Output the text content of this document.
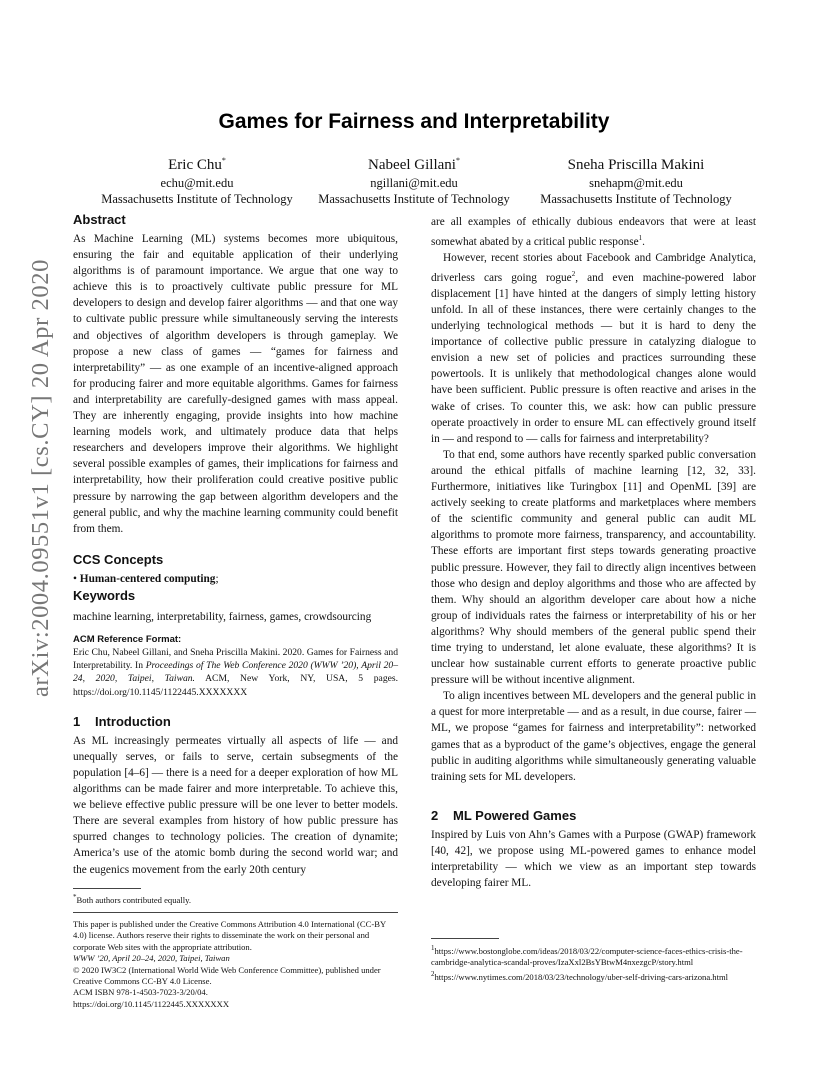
arXiv:2004.09551v1 [cs.CY] 20 Apr 2020
Games for Fairness and Interpretability
Eric Chu*
echu@mit.edu
Massachusetts Institute of Technology
Nabeel Gillani*
ngillani@mit.edu
Massachusetts Institute of Technology
Sneha Priscilla Makini
snehapm@mit.edu
Massachusetts Institute of Technology
Abstract

As Machine Learning (ML) systems becomes more ubiquitous, ensuring the fair and equitable application of their underlying algorithms is of paramount importance. We argue that one way to achieve this is to proactively cultivate public pressure for ML developers to design and develop fairer algorithms — and that one way to cultivate public pressure while simultaneously serving the interests and objectives of algorithm developers is through gameplay. We propose a new class of games — “games for fairness and interpretability” — as one example of an incentive-aligned approach for producing fairer and more equitable algorithms. Games for fairness and interpretability are carefully-designed games with mass appeal. They are inherently engaging, provide insights into how machine learning models work, and ultimately produce data that helps researchers and developers improve their algorithms. We highlight several possible examples of games, their implications for fairness and interpretability, how their proliferation could creative positive public pressure by narrowing the gap between algorithm developers and the general public, and why the machine learning community could benefit from them.

CCS Concepts

• Human-centered computing;

Keywords

machine learning, interpretability, fairness, games, crowdsourcing

ACM Reference Format:

Eric Chu, Nabeel Gillani, and Sneha Priscilla Makini. 2020. Games for Fairness and Interpretability. In Proceedings of The Web Conference 2020 (WWW ’20), April 20–24, 2020, Taipei, Taiwan. ACM, New York, NY, USA, 5 pages. https://doi.org/10.1145/1122445.XXXXXXX

1 Introduction

As ML increasingly permeates virtually all aspects of life — and unequally serves, or fails to serve, certain subsegments of the population [4–6] — there is a need for a deeper exploration of how ML algorithms can be made fairer and more interpretable. To achieve this, we believe effective public pressure will be one lever to better models. There are several examples from history of how public pressure has spurred changes to technology policies. The creation of dynamite; America’s use of the atomic bomb during the second world war; and the eugenics movement from the early 20th century

*Both authors contributed equally.

This paper is published under the Creative Commons Attribution 4.0 International (CC-BY 4.0) license. Authors reserve their rights to disseminate the work on their personal and corporate Web sites with the appropriate attribution.
WWW ’20, April 20–24, 2020, Taipei, Taiwan
© 2020 IW3C2 (International World Wide Web Conference Committee), published under Creative Commons CC-BY 4.0 License.
ACM ISBN 978-1-4503-7023-3/20/04.
https://doi.org/10.1145/1122445.XXXXXXX

are all examples of ethically dubious endeavors that were at least somewhat abated by a critical public response$^1$.

However, recent stories about Facebook and Cambridge Analytica, driverless cars going rogue$^2$, and even machine-powered labor displacement [1] have hinted at the dangers of simply letting history unfold. In all of these instances, there were certainly changes to the underlying technological methods — but it is hard to deny the importance of collective public pressure in catalyzing dialogue to envision a new set of policies and practices surrounding these powertools. It is unlikely that methodological changes alone would have been sufficient. Public pressure is often reactive and arises in the wake of crises. To counter this, we ask: how can public pressure operate proactively in order to ensure ML can effectively ground itself in — and respond to — calls for fairness and interpretability?

To that end, some authors have recently sparked public conversation around the ethical pitfalls of machine learning [12, 32, 33]. Furthermore, initiatives like Turingbox [11] and OpenML [39] are actively seeking to create platforms and marketplaces where members of the scientific community and general public can audit ML algorithms to promote more fairness, transparency, and accountability. These efforts are important first steps towards generating proactive public pressure. However, they fail to directly align incentives between those who design and deploy algorithms and those who are affected by them. Why should an algorithm developer care about how a niche group of individuals rates the fairness or interpretability of his or her algorithms? Why should members of the general public spend their time trying to understand, let alone evaluate, these algorithms? It is unclear how sustainable current efforts to generate proactive public pressure will be without incentive alignment.

To align incentives between ML developers and the general public in a quest for more interpretable — and as a result, in due course, fairer — ML, we propose “games for fairness and interpretability”: networked games that as a byproduct of the game’s objectives, engage the general public in auditing algorithms while simultaneously generating valuable training sets for ML developers.

2 ML Powered Games

Inspired by Luis von Ahn’s Games with a Purpose (GWAP) framework [40, 42], we propose using ML-powered games to enhance model interpretability — which we view as an important step towards developing fairer ML.

$^1$https://www.bostonglobe.com/ideas/2018/03/22/computer-science-faces-ethics-crisis-the-cambridge-analytica-scandal-proves/IzaXxl2BsYBtwM4nxezgcP/story.html

$^2$https://www.nytimes.com/2018/03/23/technology/uber-self-driving-cars-arizona.html
